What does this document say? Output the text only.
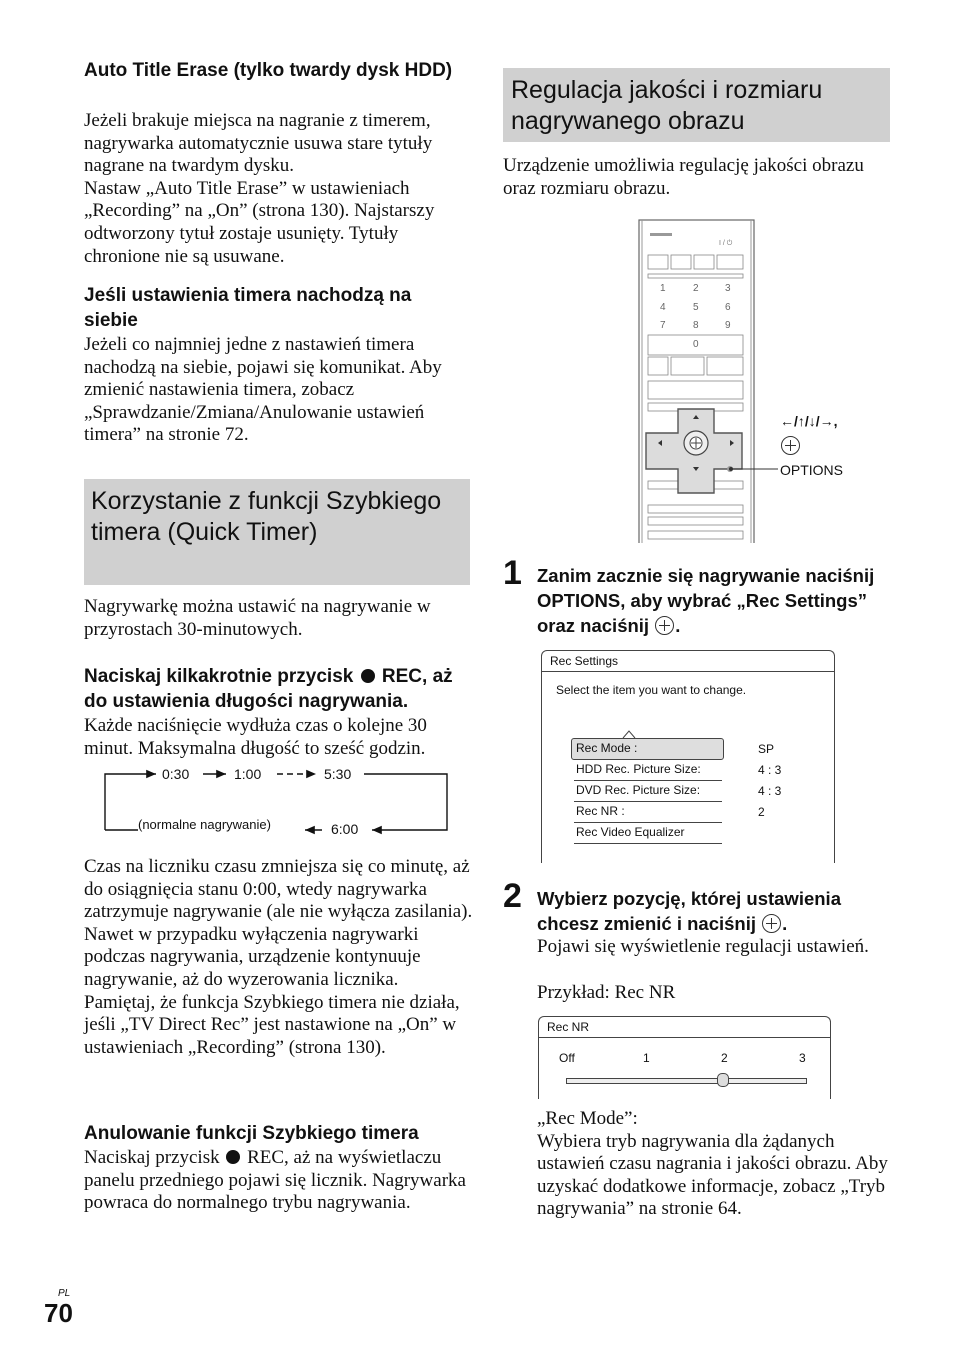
Auto Title Erase (tylko twardy dysk HDD)
Jeżeli brakuje miejsca na nagranie z timerem, nagrywarka automatycznie usuwa stare tytuły nagrane na twardym dysku.
Nastaw „Auto Title Erase” w ustawieniach „Recording” na „On” (strona 130). Najstarszy odtworzony tytuł zostaje usunięty. Tytuły chronione nie są usuwane.
Jeśli ustawienia timera nachodzą na siebie
Jeżeli co najmniej jedne z nastawień timera nachodzą na siebie, pojawi się komunikat. Aby zmienić nastawienia timera, zobacz „Sprawdzanie/Zmiana/Anulowanie ustawień timera” na stronie 72.
Korzystanie z funkcji Szybkiego timera (Quick Timer)
Nagrywarkę można ustawić na nagrywanie w przyrostach 30-minutowych.
Naciskaj kilkakrotnie przycisk REC, aż do ustawienia długości nagrywania.
Każde naciśnięcie wydłuża czas o kolejne 30 minut. Maksymalna długość to sześć godzin.
0:30	1:00	5:30
6:00
(normalne nagrywanie)
Czas na liczniku czasu zmniejsza się co minutę, aż do osiągnięcia stanu 0:00, wtedy nagrywarka zatrzymuje nagrywanie (ale nie wyłącza zasilania). Nawet w przypadku wyłączenia nagrywarki podczas nagrywania, urządzenie kontynuuje nagrywanie, aż do wyzerowania licznika.
Pamiętaj, że funkcja Szybkiego timera nie działa, jeśli „TV Direct Rec” jest nastawione na „On” w ustawieniach „Recording” (strona 130).
Anulowanie funkcji Szybkiego timera
Naciskaj przycisk REC, aż na wyświetlaczu panelu przedniego pojawi się licznik. Nagrywarka powraca do normalnego trybu nagrywania.
Regulacja jakości i rozmiaru nagrywanego obrazu
Urządzenie umożliwia regulację jakości obrazu oraz rozmiaru obrazu.
I / ⏻
1	2	3
4	5	6
7	8	9
0
←/↑/↓/→,
OPTIONS
1 Zanim zacznie się nagrywanie naciśnij OPTIONS, aby wybrać „Rec Settings” oraz naciśnij .
Rec Settings
Select the item you want to change.
Rec Mode :	SP
HDD Rec. Picture Size:	4 : 3
DVD Rec. Picture Size:	4 : 3
Rec NR :	2
Rec Video Equalizer
2 Wybierz pozycję, której ustawienia chcesz zmienić i naciśnij .
Pojawi się wyświetlenie regulacji ustawień.
Przykład: Rec NR
Rec NR
Off	1	2	3
„Rec Mode”:
Wybiera tryb nagrywania dla żądanych ustawień czasu nagrania i jakości obrazu. Aby uzyskać dodatkowe informacje, zobacz „Tryb nagrywania” na stronie 64.
PL
70
